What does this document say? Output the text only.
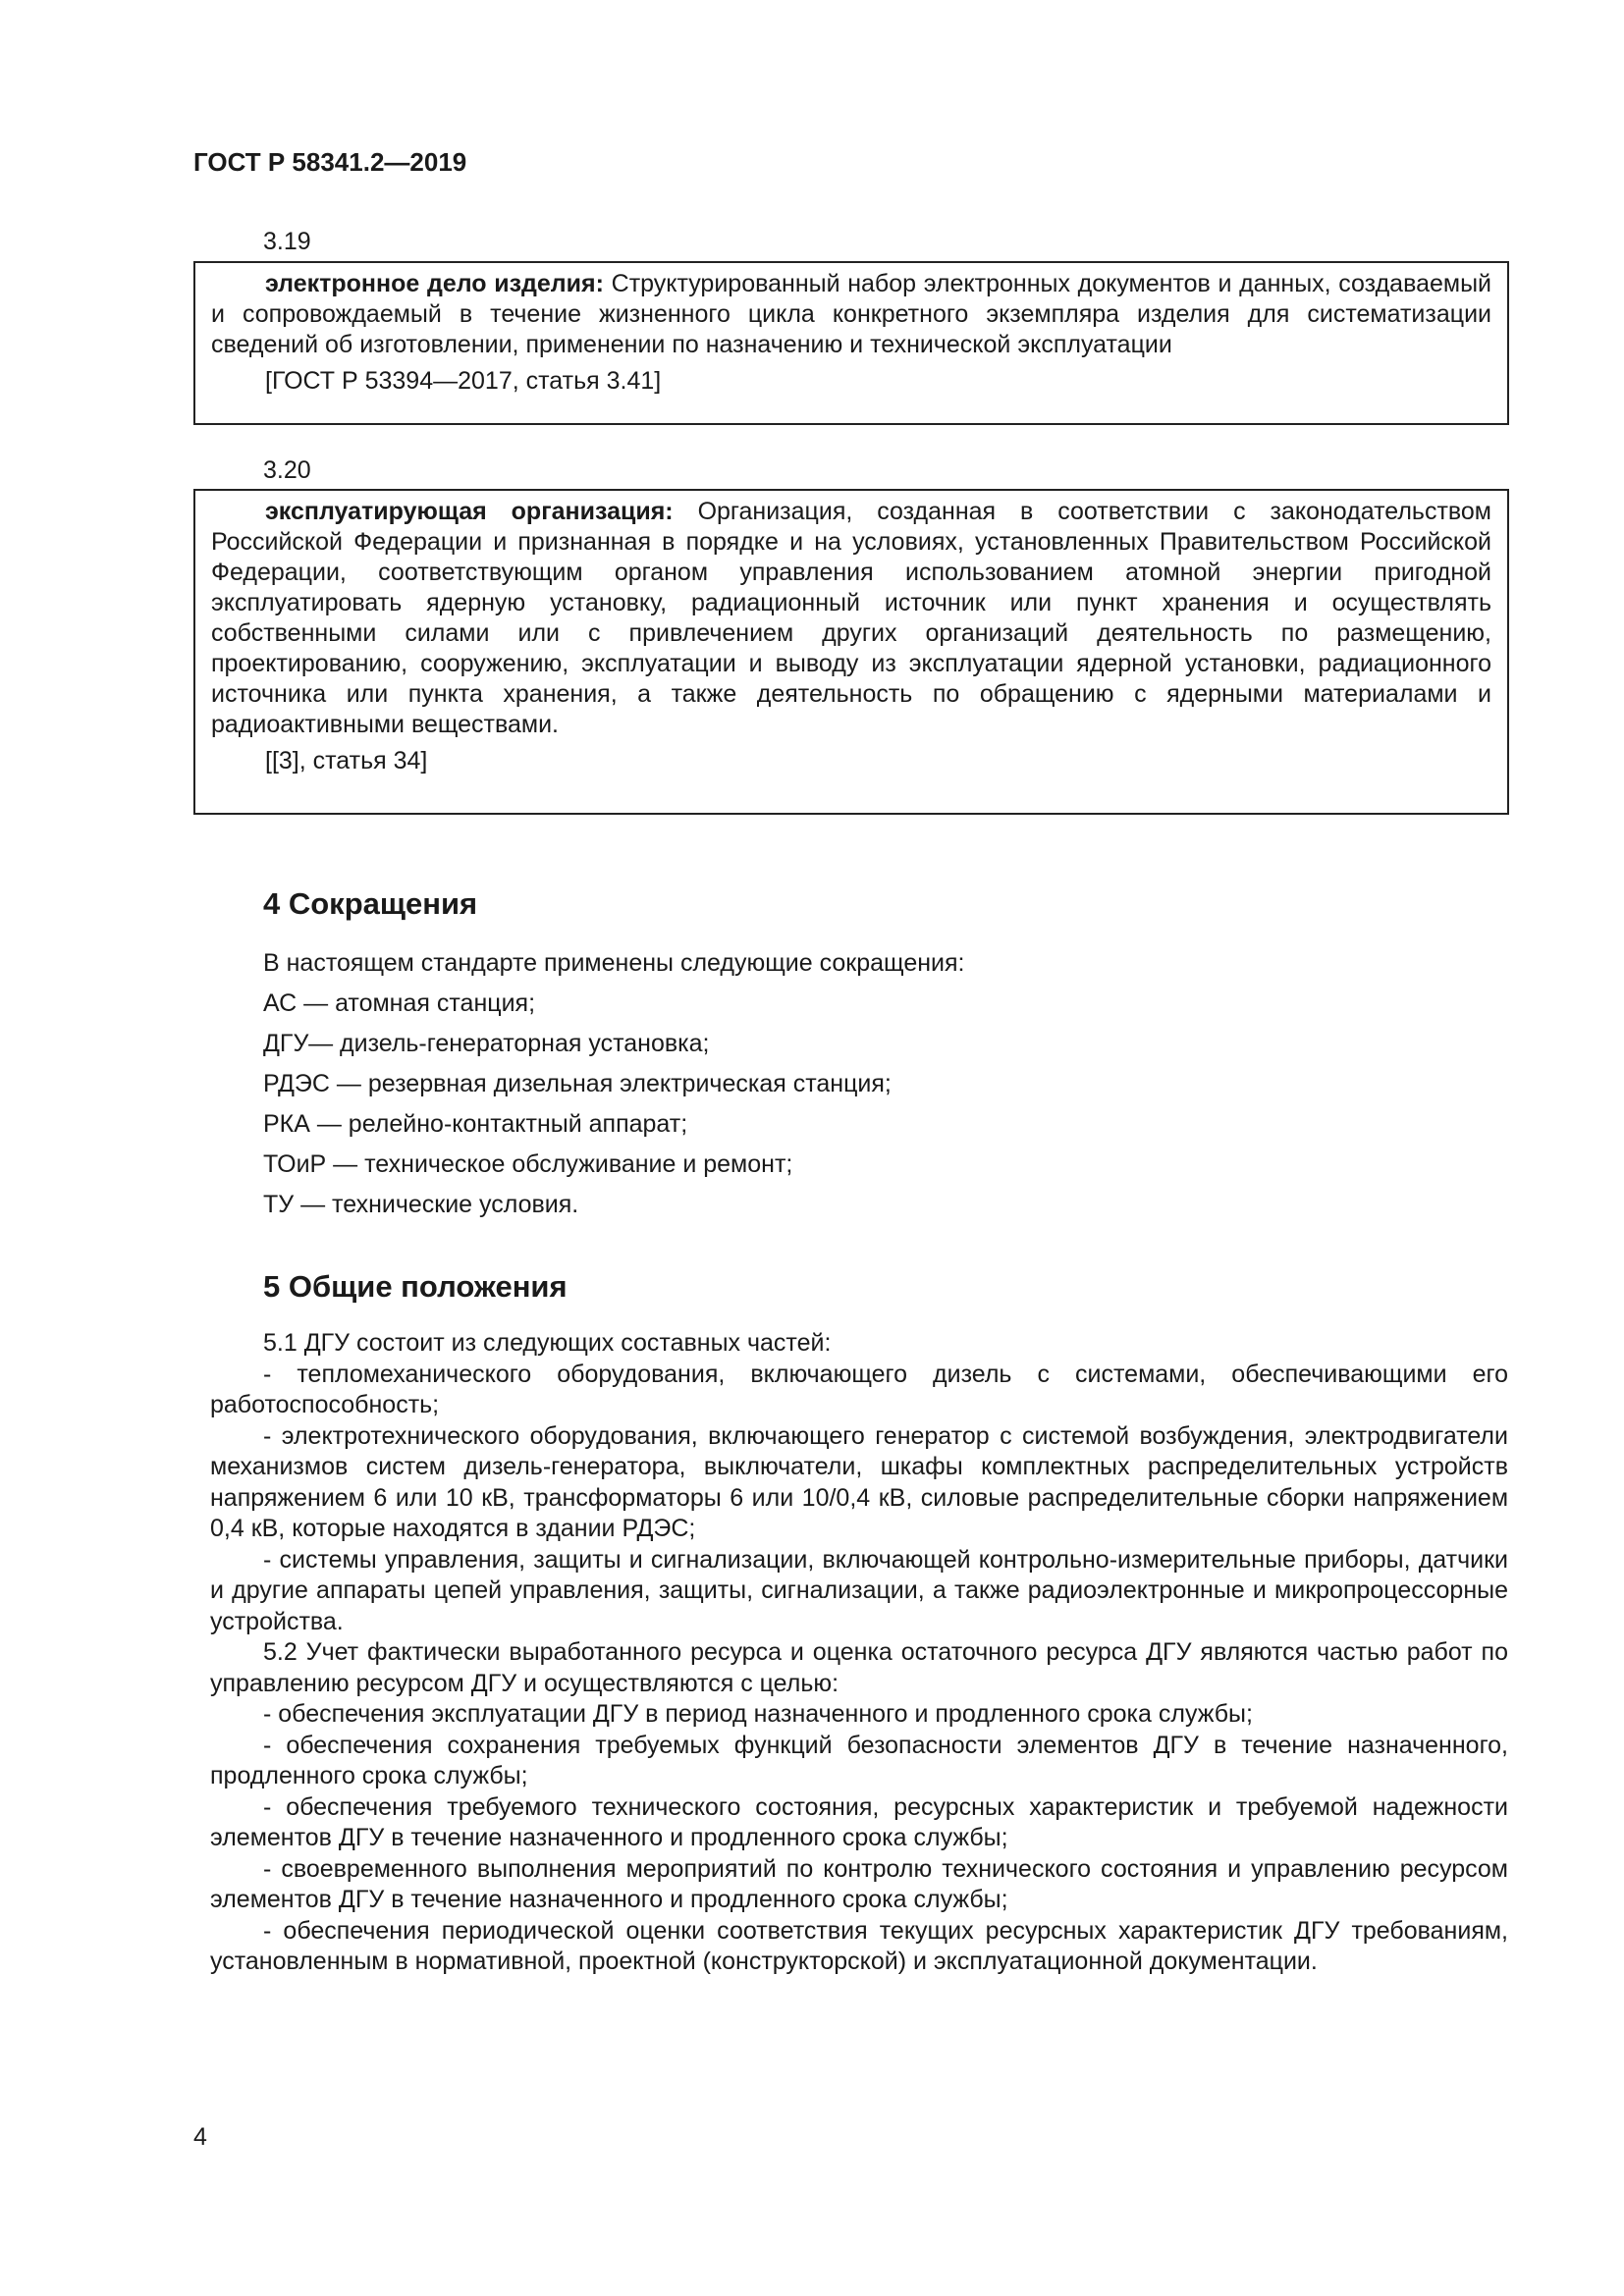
ГОСТ Р 58341.2—2019
3.19

электронное дело изделия: Структурированный набор электронных документов и данных, создаваемый и сопровождаемый в течение жизненного цикла конкретного экземпляра изделия для систематизации сведений об изготовлении, применении по назначению и технической эксплуатации

[ГОСТ Р 53394—2017, статья 3.41]

3.20

эксплуатирующая организация: Организация, созданная в соответствии с законодательством Российской Федерации и признанная в порядке и на условиях, установленных Правительством Российской Федерации, соответствующим органом управления использованием атомной энергии пригодной эксплуатировать ядерную установку, радиационный источник или пункт хранения и осуществлять собственными силами или с привлечением других организаций деятельность по размещению, проектированию, сооружению, эксплуатации и выводу из эксплуатации ядерной установки, радиационного источника или пункта хранения, а также деятельность по обращению с ядерными материалами и радиоактивными веществами.

[[3], статья 34]

4 Сокращения
В настоящем стандарте применены следующие сокращения:
АС — атомная станция;
ДГУ— дизель-генераторная установка;
РДЭС — резервная дизельная электрическая станция;
РКА — релейно-контактный аппарат;
ТОиР — техническое обслуживание и ремонт;
ТУ — технические условия.
5 Общие положения

5.1 ДГУ состоит из следующих составных частей:

- тепломеханического оборудования, включающего дизель с системами, обеспечивающими его работоспособность;

- электротехнического оборудования, включающего генератор с системой возбуждения, электродвигатели механизмов систем дизель-генератора, выключатели, шкафы комплектных распределительных устройств напряжением 6 или 10 кВ, трансформаторы 6 или 10/0,4 кВ, силовые распределительные сборки напряжением 0,4 кВ, которые находятся в здании РДЭС;

- системы управления, защиты и сигнализации, включающей контрольно-измерительные приборы, датчики и другие аппараты цепей управления, защиты, сигнализации, а также радиоэлектронные и микропроцессорные устройства.

5.2 Учет фактически выработанного ресурса и оценка остаточного ресурса ДГУ являются частью работ по управлению ресурсом ДГУ и осуществляются с целью:

- обеспечения эксплуатации ДГУ в период назначенного и продленного срока службы;

- обеспечения сохранения требуемых функций безопасности элементов ДГУ в течение назначенного, продленного срока службы;

- обеспечения требуемого технического состояния, ресурсных характеристик и требуемой надежности элементов ДГУ в течение назначенного и продленного срока службы;

- своевременного выполнения мероприятий по контролю технического состояния и управлению ресурсом элементов ДГУ в течение назначенного и продленного срока службы;

- обеспечения периодической оценки соответствия текущих ресурсных характеристик ДГУ требованиям, установленным в нормативной, проектной (конструкторской) и эксплуатационной документации.

4
